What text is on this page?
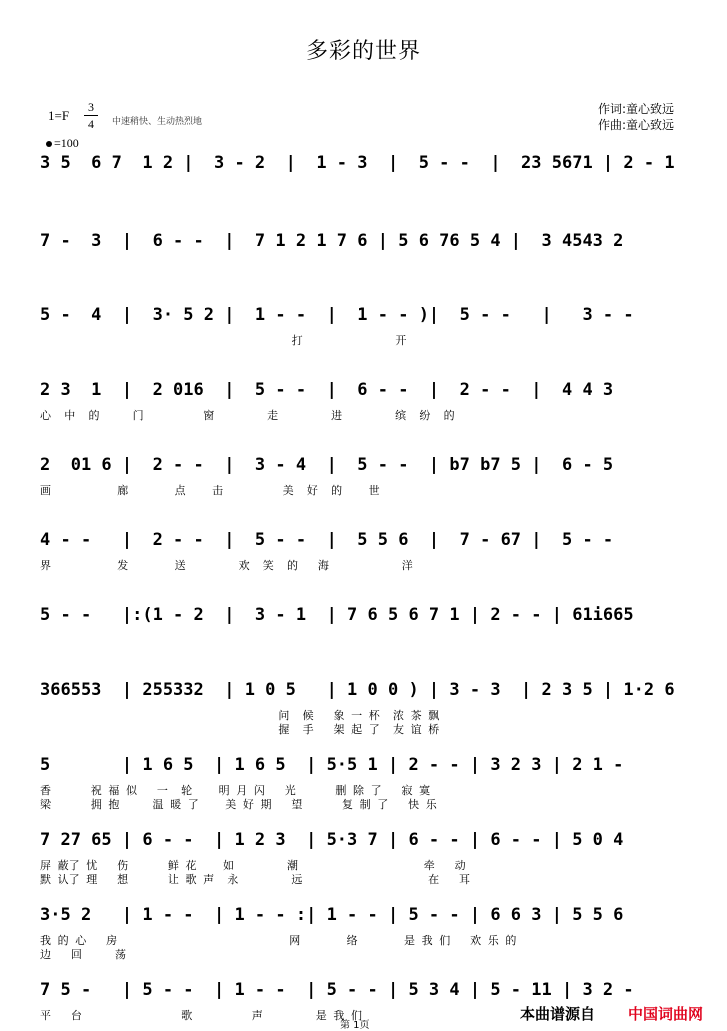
多彩的世界
1=F
3
4	中速稍快、生动热烈地
=100
作词:童心致远
作曲:童心致远
3 5  6 7  1 2 |  3 - 2  |  1 - 3  |  5 - -  |  23 5671 | 2 - 1
7 -  3  |  6 - -  |  7 1 2 1 7 6 | 5 6 76 5 4 |  3 4543 2
5 -  4  |  3· 5 2 |  1 - -  |  1 - - )|  5 - -   |   3 - -
打              开
2 3  1  |  2 016  |  5 - -  |  6 - -  |  2 - -  |  4 4 3
心  中  的     门         窗        走        进        缤  纷  的
2  01 6 |  2 - -  |  3 - 4  |  5 - -  | b7 b7 5 |  6 - 5
画          廊       点    击         美  好  的    世
4 - -   |  2 - -  |  5 - -  |  5 5 6  |  7 - 67 |  5 - -
界          发       送        欢  笑  的   海           洋
5 - -   |:(1 - 2  |  3 - 1  | 7 6 5 6 7 1 | 2 - - | 61i665
366553  | 255332  | 1 0 5   | 1 0 0 ) | 3 - 3  | 2 3 5 | 1·2 6
问  候   象 一 杯  浓 茶 飘
握  手   架 起 了  友 谊 桥
5       | 1 6 5  | 1 6 5  | 5·5 1 | 2 - - | 3 2 3 | 2 1 -
香      祝 福 似   一  轮    明 月 闪   光      删 除 了   寂 寞
梁      拥 抱     温 暖 了    美 好 期   望      复 制 了   快 乐
7 27 65 | 6 - -  | 1 2 3  | 5·3 7 | 6 - - | 6 - - | 5 0 4
屏 蔽了 忧   伤      鲜 花    如        潮                   牵   动
默 认了 理   想      让 歌 声  永        远                   在   耳
3·5 2   | 1 - -  | 1 - - :| 1 - - | 5 - - | 6 6 3 | 5 5 6
我 的 心   房                          网       络       是 我 们   欢 乐 的
边   回     荡
7 5 -   | 5 - -  | 1 - -  | 5 - - | 5 3 4 | 5 - 11 | 3 2 -
平   台               歌         声        是 我 们	本曲谱源自 中国词曲网
第 1页
